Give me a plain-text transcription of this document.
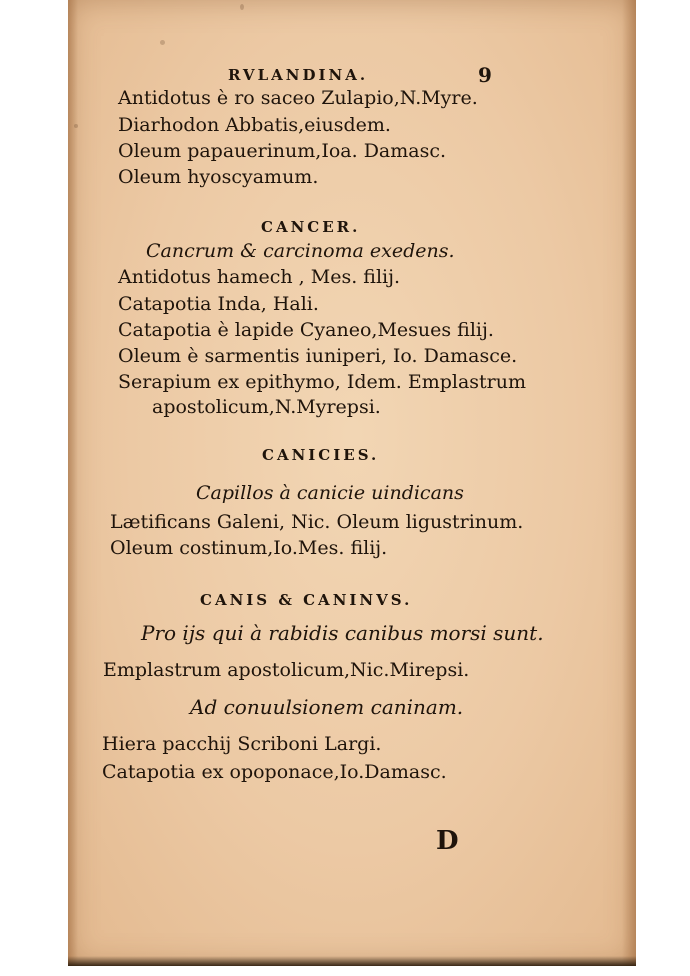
RVLANDINA.	9
Antidotus è ro saceo Zulapio,N.Myre.
Diarhodon Abbatis,eiusdem.
Oleum papauerinum,Ioa. Damasc.
Oleum hyoscyamum.
CANCER.
Cancrum & carcinoma exedens.
Antidotus hamech , Mes. filij.
Catapotia Inda, Hali.
Catapotia è lapide Cyaneo,Mesues filij.
Oleum è sarmentis iuniperi, Io. Damasce.
Serapium ex epithymo, Idem. Emplastrum
apostolicum,N.Myrepsi.
CANICIES.
Capillos à canicie uindicans
Lætificans Galeni, Nic. Oleum ligustrinum.
Oleum costinum,Io.Mes. filij.
CANIS & CANINVS.
Pro ijs qui à rabidis canibus morsi sunt.
Emplastrum apostolicum,Nic.Mirepsi.
Ad conuulsionem caninam.
Hiera pacchij Scriboni Largi.
Catapotia ex opoponace,Io.Damasc.
D
